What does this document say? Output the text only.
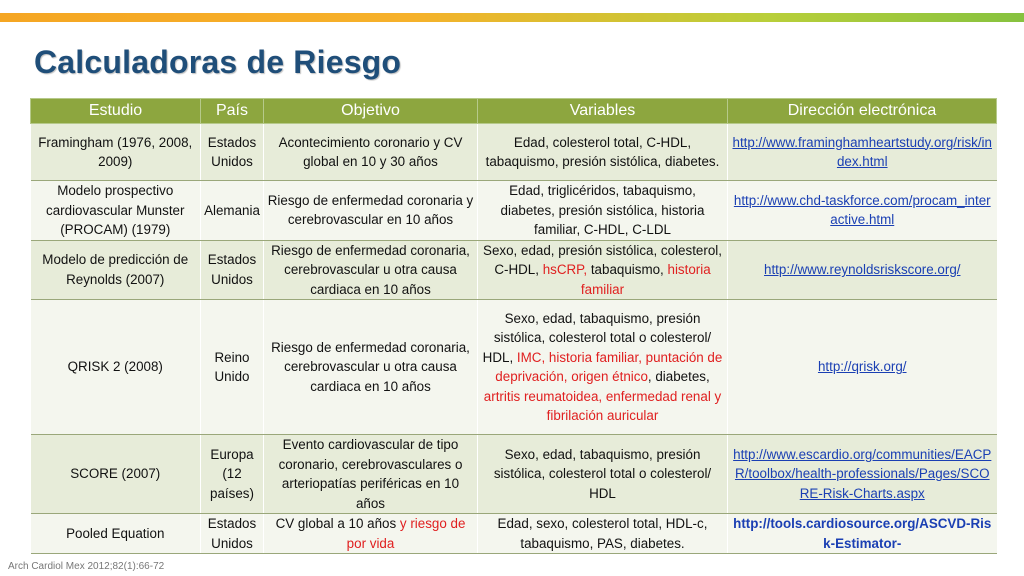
Calculadoras de Riesgo
Estudio	País	Objetivo	Variables	Dirección electrónica
Framingham (1976, 2008, 2009)	Estados Unidos	Acontecimiento coronario y CV global en 10 y 30 años	Edad, colesterol total, C-HDL, tabaquismo, presión sistólica, diabetes.	http://www.framinghamheartstudy.org/risk/index.html
Modelo prospectivo cardiovascular Munster (PROCAM) (1979)	Alemania	Riesgo de enfermedad coronaria y cerebrovascular en 10 años	Edad, triglicéridos, tabaquismo, diabetes, presión sistólica, historia familiar, C-HDL, C-LDL	http://www.chd-taskforce.com/procam_interactive.html
Modelo de predicción de Reynolds (2007)	Estados Unidos	Riesgo de enfermedad coronaria, cerebrovascular u otra causa cardiaca en 10 años	Sexo, edad, presión sistólica, colesterol, C-HDL, hsCRP, tabaquismo, historia familiar	http://www.reynoldsriskscore.org/
QRISK 2 (2008)	Reino Unido	Riesgo de enfermedad coronaria, cerebrovascular u otra causa cardiaca en 10 años	Sexo, edad, tabaquismo, presión sistólica, colesterol total o colesterol/ HDL, IMC, historia familiar, puntación de deprivación, origen étnico, diabetes, artritis reumatoidea, enfermedad renal y fibrilación auricular	http://qrisk.org/
SCORE (2007)	Europa (12 países)	Evento cardiovascular de tipo coronario, cerebrovasculares o arteriopatías periféricas en 10 años	Sexo, edad, tabaquismo, presión sistólica, colesterol total o colesterol/ HDL	http://www.escardio.org/communities/EACPR/toolbox/health-professionals/Pages/SCORE-Risk-Charts.aspx
Pooled Equation	Estados Unidos	CV global a 10 años y riesgo de por vida	Edad, sexo, colesterol total, HDL-c, tabaquismo, PAS, diabetes.	http://tools.cardiosource.org/ASCVD-Risk-Estimator-
Arch Cardiol Mex 2012;82(1):66-72
